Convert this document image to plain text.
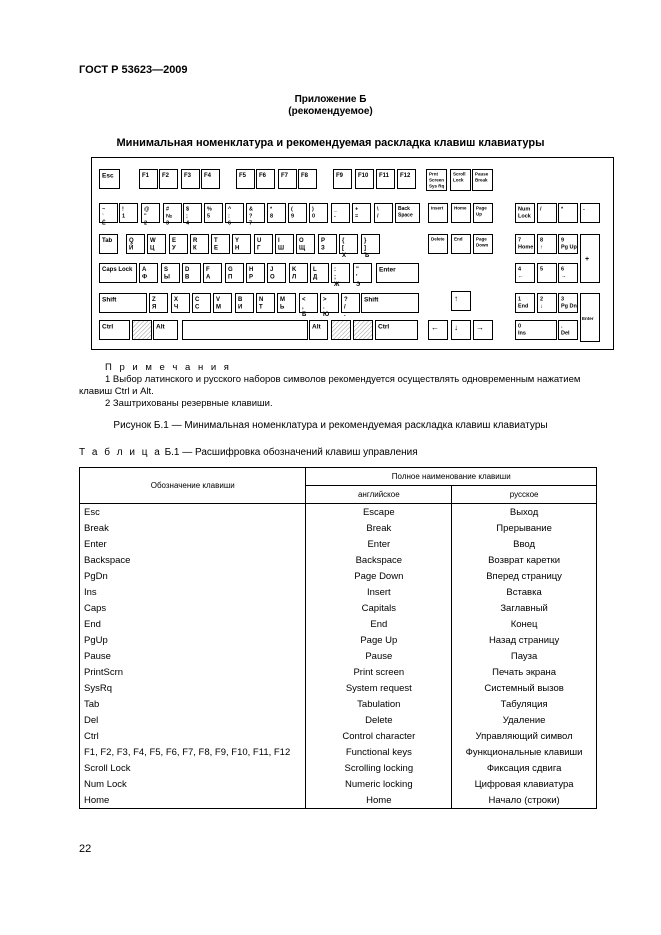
ГОСТ Р 53623—2009
Приложение Б
(рекомендуемое)
Минимальная номенклатура и рекомендуемая раскладка клавиш клавиатуры
Esc	F1 F2 F3 F4	F5 F6 F7 F8	F9 F10 F11 F12	Prnt
Screen
Sys Rq
Scroll
Lock
Pause
Break
~
`
Ё
!
1
@
"
2
#
№
3
$
;
4
%
5
^
:
6
&
?
7
*
8
(
9
)
0
_
-
+
=
\
/
Back
Space
Tab	Q
Й
W
Ц
E
У
R
К
T
Е
Y
Н
U
Г
I
Ш
O
Щ
P
З
{
[
Х
}
]
Ъ
Caps Lock A
Ф
S
Ы
D
В
F
А
G
П
H
Р
J
О
K
Л
L
Д
:
;
Ж
"
'
Э
Enter
Shift	Z
Я
X
Ч
C
С
V
М
B
И
N
Т
M
Ь
<
,
Б
>
.
Ю
?
/
.
Shift
Ctrl	Alt	Alt	Ctrl
Insert Home Page
Up
Delete End	Page
Down
↑
← ↓ →
Num
Lock
/	*	-
7
Home
8
↑
9
Pg Up
4
←
5	6
→
1
End
2
↓
3
Pg Dn
+
Enter
0
Ins
.
Del
П р и м е ч а н и я
1 Выбор латинского и русского наборов символов рекомендуется осуществлять одновременным нажатием
клавиш Ctrl и Alt.
2 Заштрихованы резервные клавиши.
Рисунок Б.1 — Минимальная номенклатура и рекомендуемая раскладка клавиш клавиатуры
Т а б л и ц а Б.1 — Расшифровка обозначений клавиш управления
Обозначение клавиши	Полное наименование клавиши	
	английское	русское
Esc	Escape	Выход
Break	Break	Прерывание
Enter	Enter	Ввод
Backspace	Backspace	Возврат каретки
PgDn	Page Down	Вперед страницу
Ins	Insert	Вставка
Caps	Capitals	Заглавный
End	End	Конец
PgUp	Page Up	Назад страницу
Pause	Pause	Пауза
PrintScrn	Print screen	Печать экрана
SysRq	System request	Системный вызов
Tab	Tabulation	Табуляция
Del	Delete	Удаление
Ctrl	Control character	Управляющий символ
F1, F2, F3, F4, F5, F6, F7, F8, F9, F10, F11, F12	Functional keys	Функциональные клавиши
Scroll Lock	Scrolling locking	Фиксация сдвига
Num Lock	Numeric locking	Цифровая клавиатура
Home	Home	Начало (строки)
22
